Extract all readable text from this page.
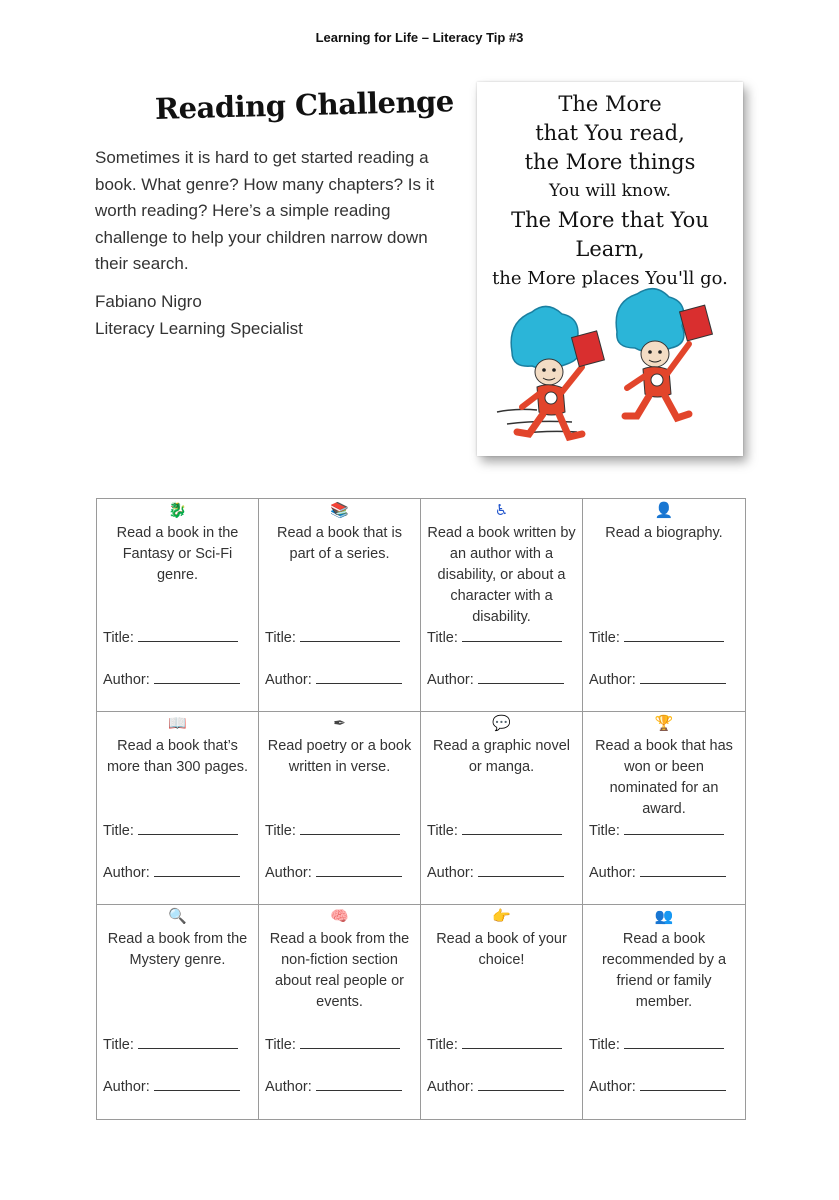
Learning for Life – Literacy Tip #3
Reading Challenge
Sometimes it is hard to get started reading a book. What genre? How many chapters? Is it worth reading? Here’s a simple reading challenge to help your children narrow down their search.
Fabiano Nigro
Literacy Learning Specialist
The More
that You read,
the More things
You will know.
The More that You
Learn,
the More places You'll go.
🐉
Read a book in the Fantasy or Sci-Fi genre.
Title:
Author:
📚
Read a book that is part of a series.
Title:
Author:
♿
Read a book written by an author with a disability, or about a character with a disability.
Title:
Author:
👤
Read a biography.
Title:
Author:
📖
Read a book that’s more than 300 pages.
Title:
Author:
✒
Read poetry or a book written in verse.
Title:
Author:
💬
Read a graphic novel or manga.
Title:
Author:
🏆
Read a book that has won or been nominated for an award.
Title:
Author:
🔍
Read a book from the Mystery genre.
Title:
Author:
🧠
Read a book from the non-fiction section about real people or events.
Title:
Author:
👉
Read a book of your choice!
Title:
Author:
👥
Read a book recommended by a friend or family member.
Title:
Author:
